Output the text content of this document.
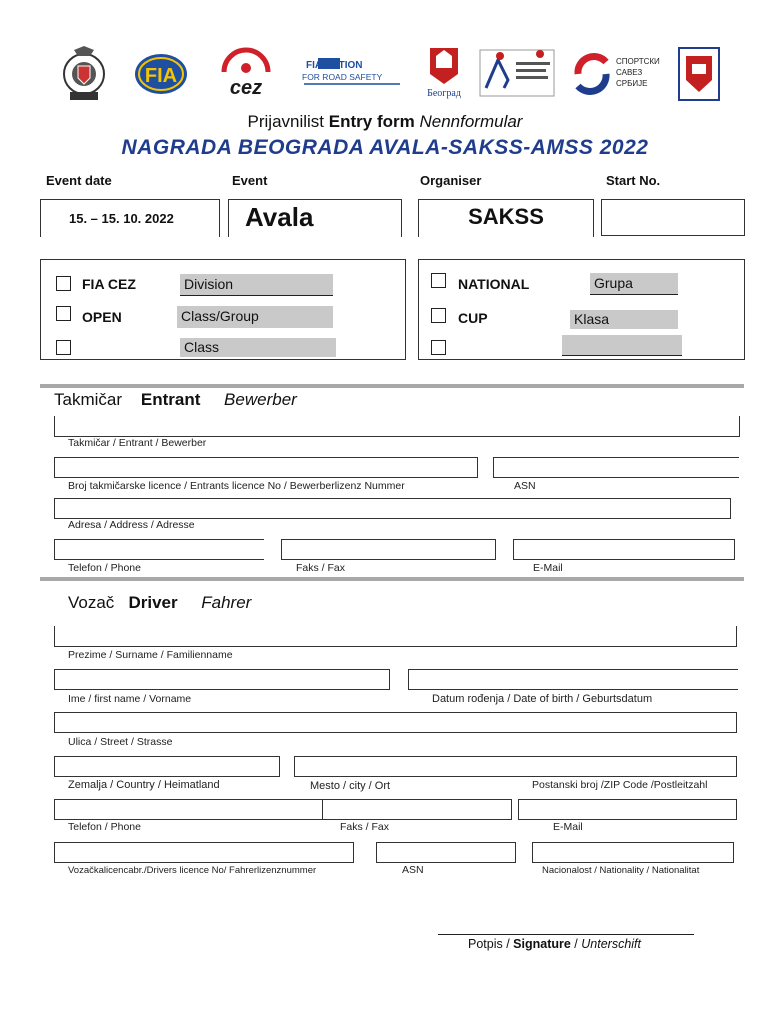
FIA
cez
FIA ACTION
FOR ROAD SAFETY
Београд
СПОРТСКИ
САВЕЗ
СРБИЈЕ
Prijavnilist Entry form Nennformular
NAGRADA BEOGRADA AVALA-SAKSS-AMSS 2022
Event date	Event	Organiser	Start No.
15. – 15. 10. 2022	Avala	SAKSS
FIA CEZ	Division
OPEN	Class/Group
Class
NATIONAL	Grupa
CUP	Klasa
Takmičar Entrant Bewerber
Takmičar / Entrant / Bewerber
Broj takmičarske licence / Entrants licence No / Bewerberlizenz Nummer	ASN
Adresa / Address / Adresse
Telefon / Phone	Faks / Fax	E-Mail
Vozač Driver Fahrer
Prezime / Surname / Familienname
Ime / first name / Vorname	Datum rođenja / Date of birth / Geburtsdatum
Ulica / Street / Strasse
Zemalja / Country / Heimatland	Mesto / city / Ort	Postanski broj /ZIP Code /Postleitzahl
Telefon / Phone	Faks / Fax	E-Mail
Vozačkalicencabr./Drivers licence No/ Fahrerlizenznummer	ASN	Nacionalost / Nationality / Nationalitat
Potpis / Signature / Unterschift
